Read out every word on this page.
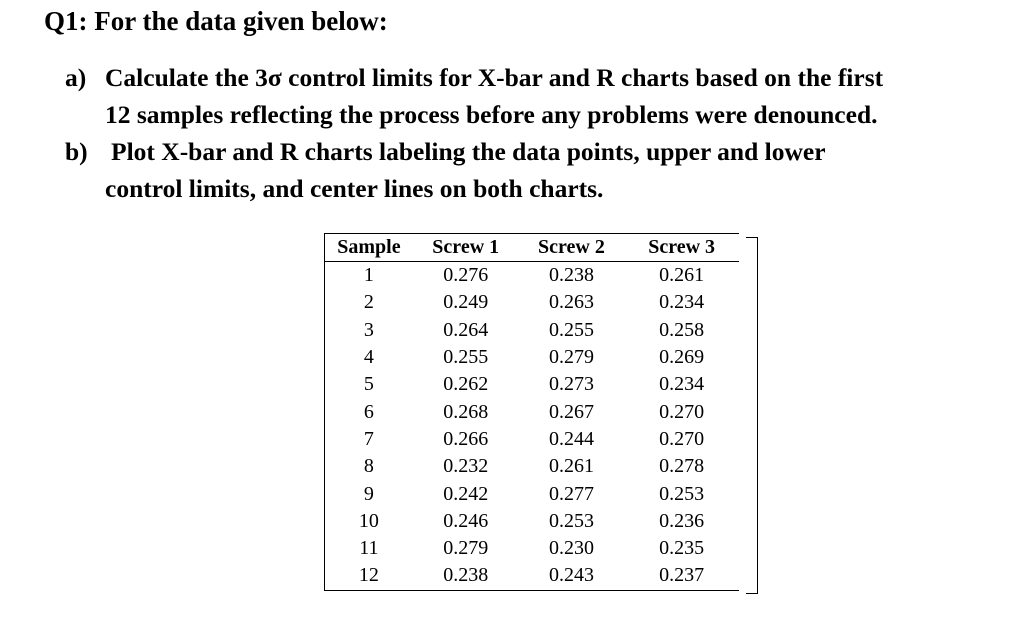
Q1: For the data given below:
a) Calculate the 3σ control limits for X-bar and R charts based on the first
12 samples reflecting the process before any problems were denounced.
b) Plot X-bar and R charts labeling the data points, upper and lower
control limits, and center lines on both charts.
Sample	Screw 1	Screw 2	Screw 3
1	0.276	0.238	0.261
2	0.249	0.263	0.234
3	0.264	0.255	0.258
4	0.255	0.279	0.269
5	0.262	0.273	0.234
6	0.268	0.267	0.270
7	0.266	0.244	0.270
8	0.232	0.261	0.278
9	0.242	0.277	0.253
10	0.246	0.253	0.236
11	0.279	0.230	0.235
12	0.238	0.243	0.237
